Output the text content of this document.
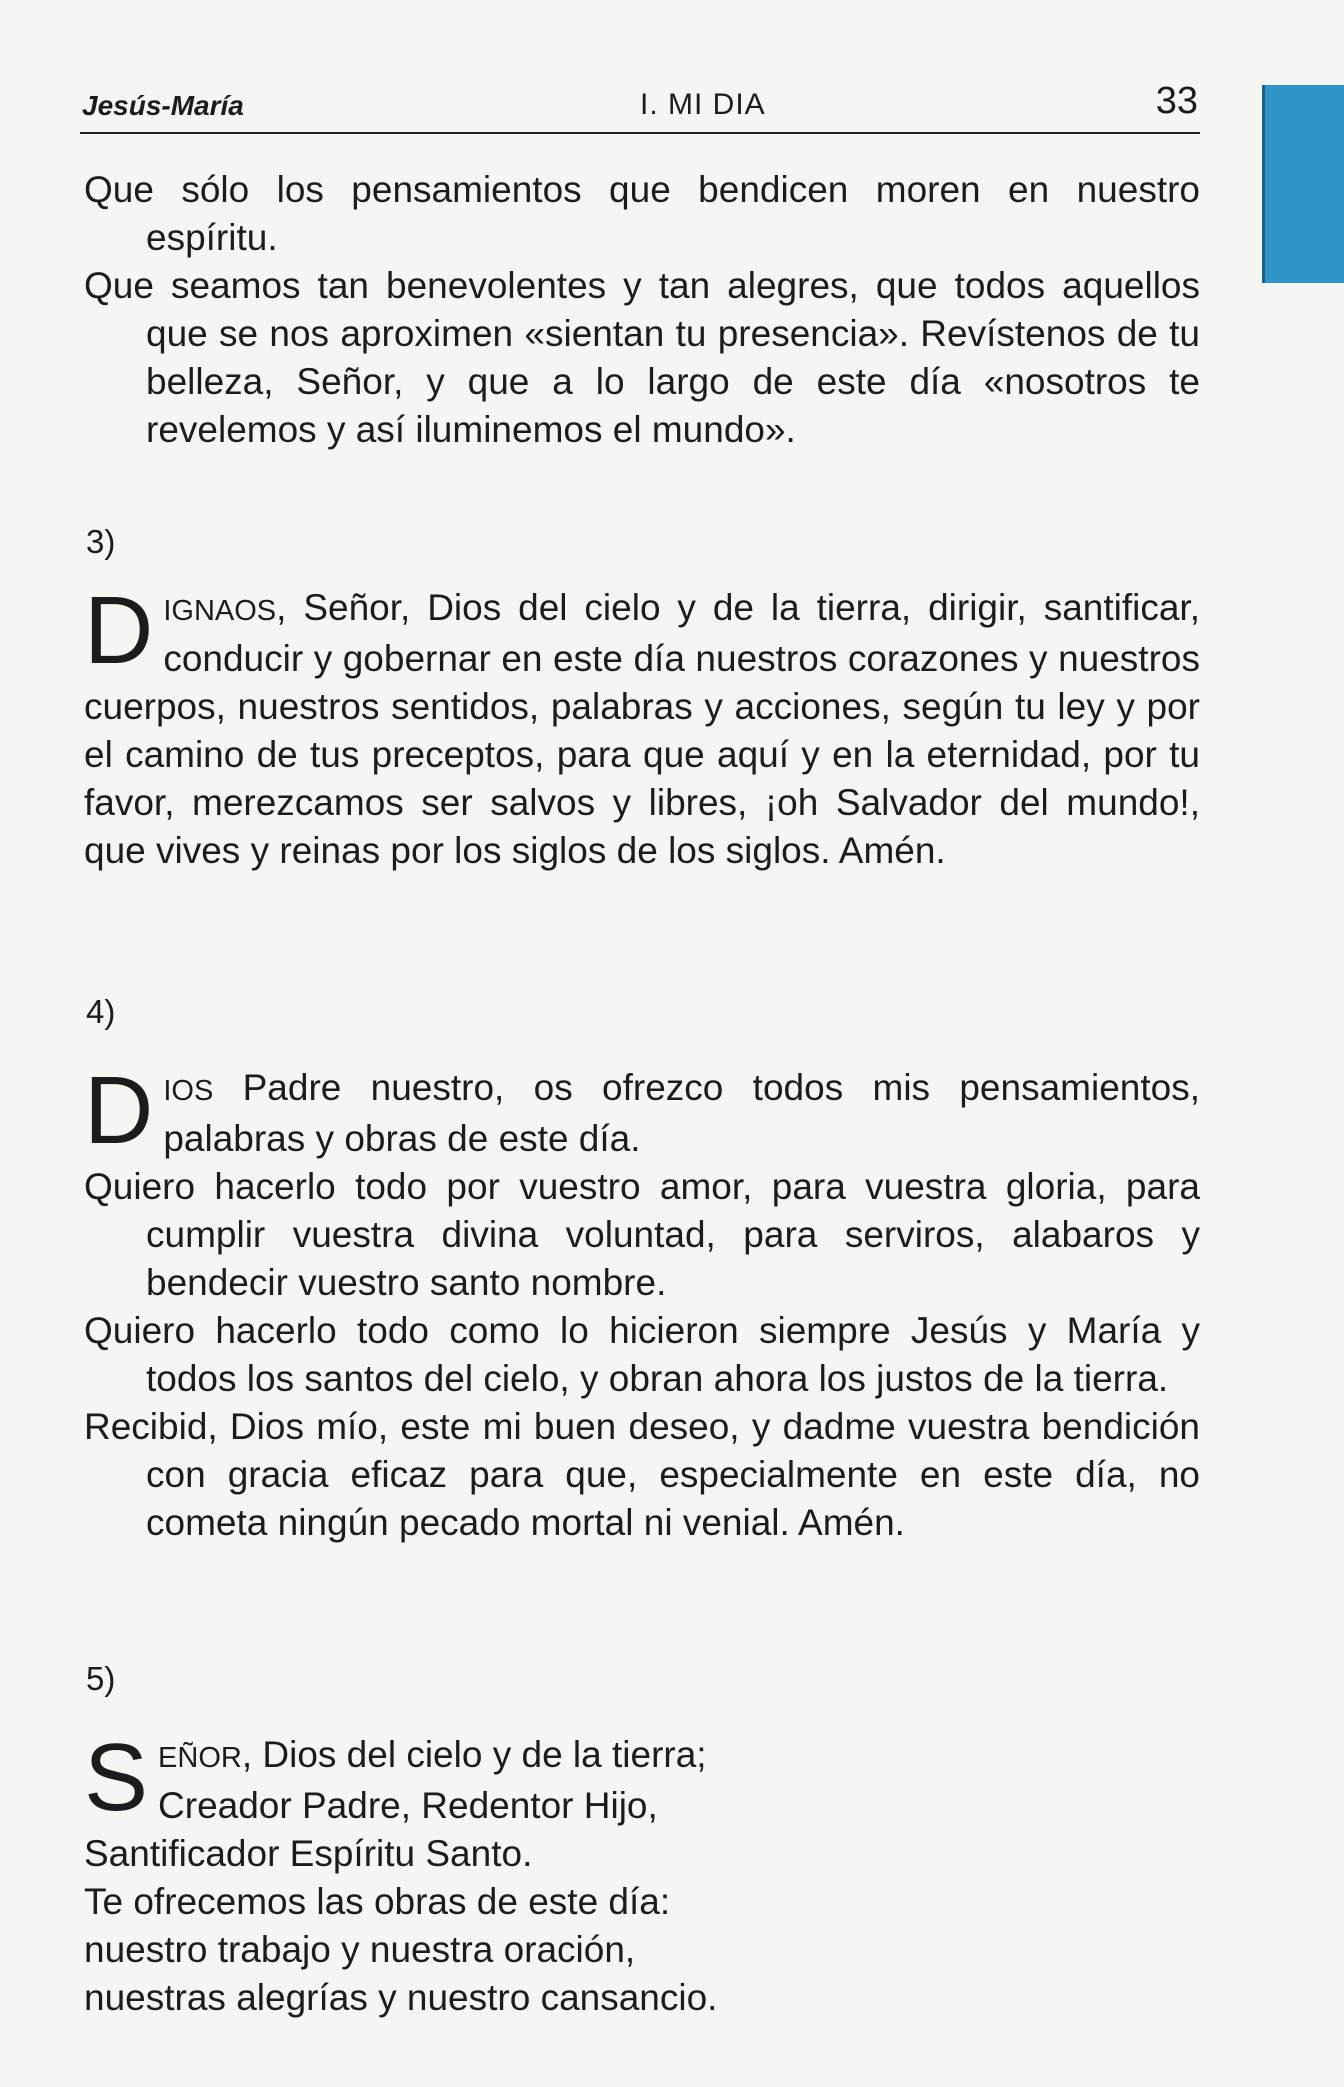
Jesús-María	I. MI DIA	33

Que sólo los pensamientos que bendicen moren en nuestro espíritu.

Que seamos tan benevolentes y tan alegres, que todos aquellos que se nos aproximen «sientan tu presencia». Revístenos de tu belleza, Señor, y que a lo largo de este día «nosotros te revelemos y así iluminemos el mundo».

3)

DIGNAOS, Señor, Dios del cielo y de la tierra, dirigir, santificar, conducir y gobernar en este día nuestros corazones y nuestros cuerpos, nuestros sentidos, palabras y acciones, según tu ley y por el camino de tus preceptos, para que aquí y en la eternidad, por tu favor, merezcamos ser salvos y libres, ¡oh Salvador del mundo!, que vives y reinas por los siglos de los siglos. Amén.

4)

DIOS Padre nuestro, os ofrezco todos mis pensamientos, palabras y obras de este día.

Quiero hacerlo todo por vuestro amor, para vuestra gloria, para cumplir vuestra divina voluntad, para serviros, alabaros y bendecir vuestro santo nombre.

Quiero hacerlo todo como lo hicieron siempre Jesús y María y todos los santos del cielo, y obran ahora los justos de la tierra.

Recibid, Dios mío, este mi buen deseo, y dadme vuestra bendición con gracia eficaz para que, especialmente en este día, no cometa ningún pecado mortal ni venial. Amén.

5)

SEÑOR, Dios del cielo y de la tierra;

Creador Padre, Redentor Hijo,

Santificador Espíritu Santo.

Te ofrecemos las obras de este día:

nuestro trabajo y nuestra oración,

nuestras alegrías y nuestro cansancio.
